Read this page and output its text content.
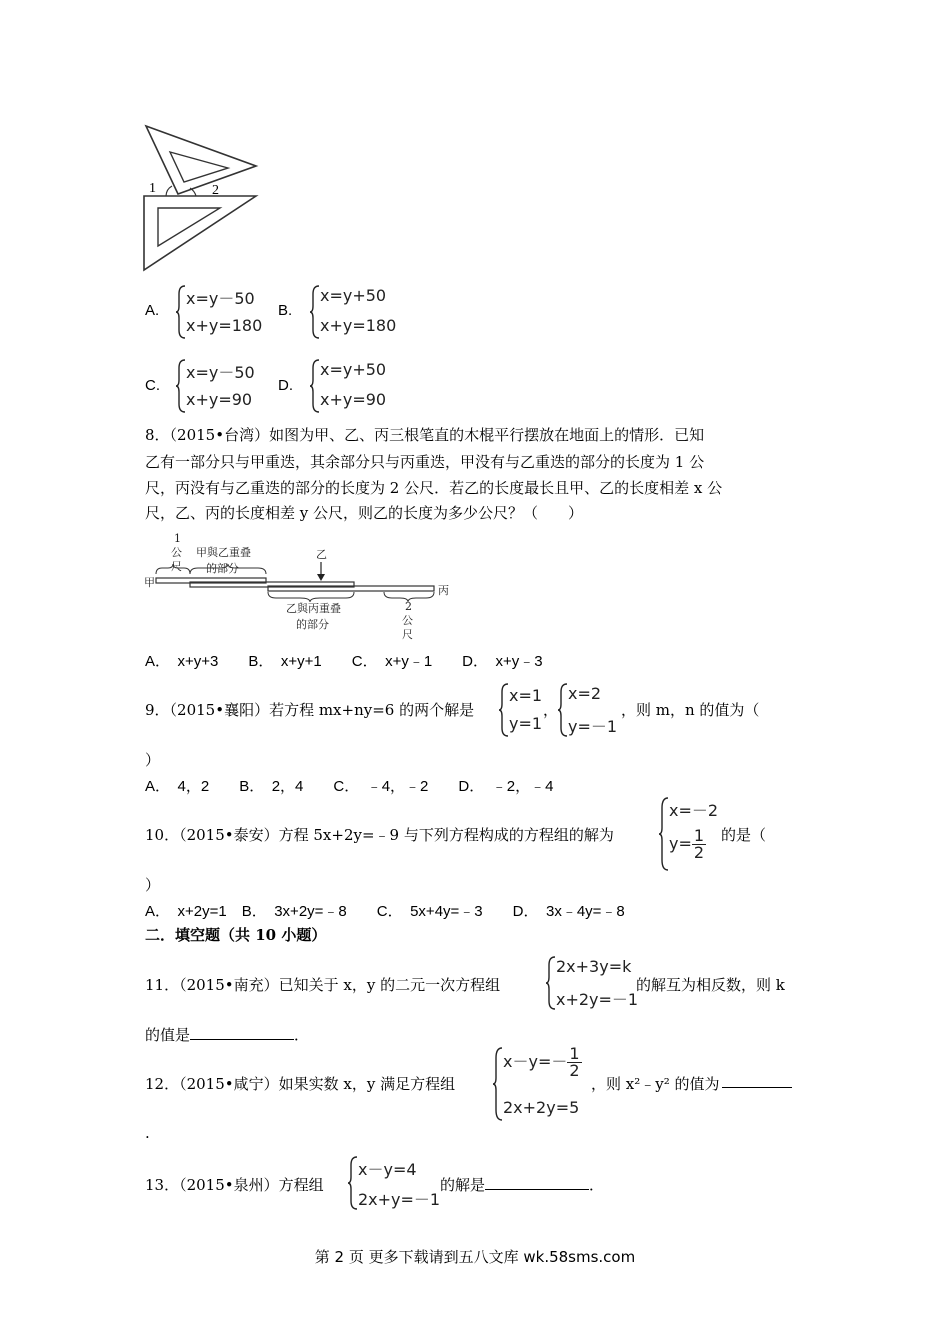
1	2
A.
x=y－50
x+y=180
B.
x=y+50
x+y=180
C.
x=y－50
x+y=90
D.
x=y+50
x+y=90
8．（2015•台湾）如图为甲、乙、丙三根笔直的木棍平行摆放在地面上的情形．已知
乙有一部分只与甲重迭，其余部分只与丙重迭，甲没有与乙重迭的部分的长度为 1 公
尺，丙没有与乙重迭的部分的长度为 2 公尺．若乙的长度最长且甲、乙的长度相差 x 公
尺，乙、丙的长度相差 y 公尺，则乙的长度为多少公尺？（　　）
1
公
尺
甲與乙重叠
的部分
乙
甲
丙
乙與丙重叠
的部分
2
公
尺
A．　x+y+3　　B．　x+y+1　　C．　x+y﹣1　　D．　x+y﹣3
9．（2015•襄阳）若方程 mx+ny=6 的两个解是
x=1
y=1
，
x=2
y=－1
，则 m，n 的值为（
）
A．　4，2　　B．　2，4　　C．　﹣4，﹣2　　D．　﹣2，﹣4
10．（2015•泰安）方程 5x+2y=﹣9 与下列方程构成的方程组的解为
x=－2
$y= \frac{1}{2}$ 的是（
）
A．　x+2y=1　B．　3x+2y=﹣8　　C．　5x+4y=﹣3　　D．　3x﹣4y=﹣8
二．填空题（共 10 小题）
11．（2015•南充）已知关于 x，y 的二元一次方程组
2x+3y=k
x+2y=－1
的解互为相反数，则 k
的值是	．
12．（2015•咸宁）如果实数 x，y 满足方程组
$x-y=- \frac{1}{2}$
2x+2y=5
，则 x²﹣y² 的值为
.
13．（2015•泉州）方程组
x－y=4
2x+y=－1
的解是	．
第 2 页 更多下载请到五八文库 wk.58sms.com
